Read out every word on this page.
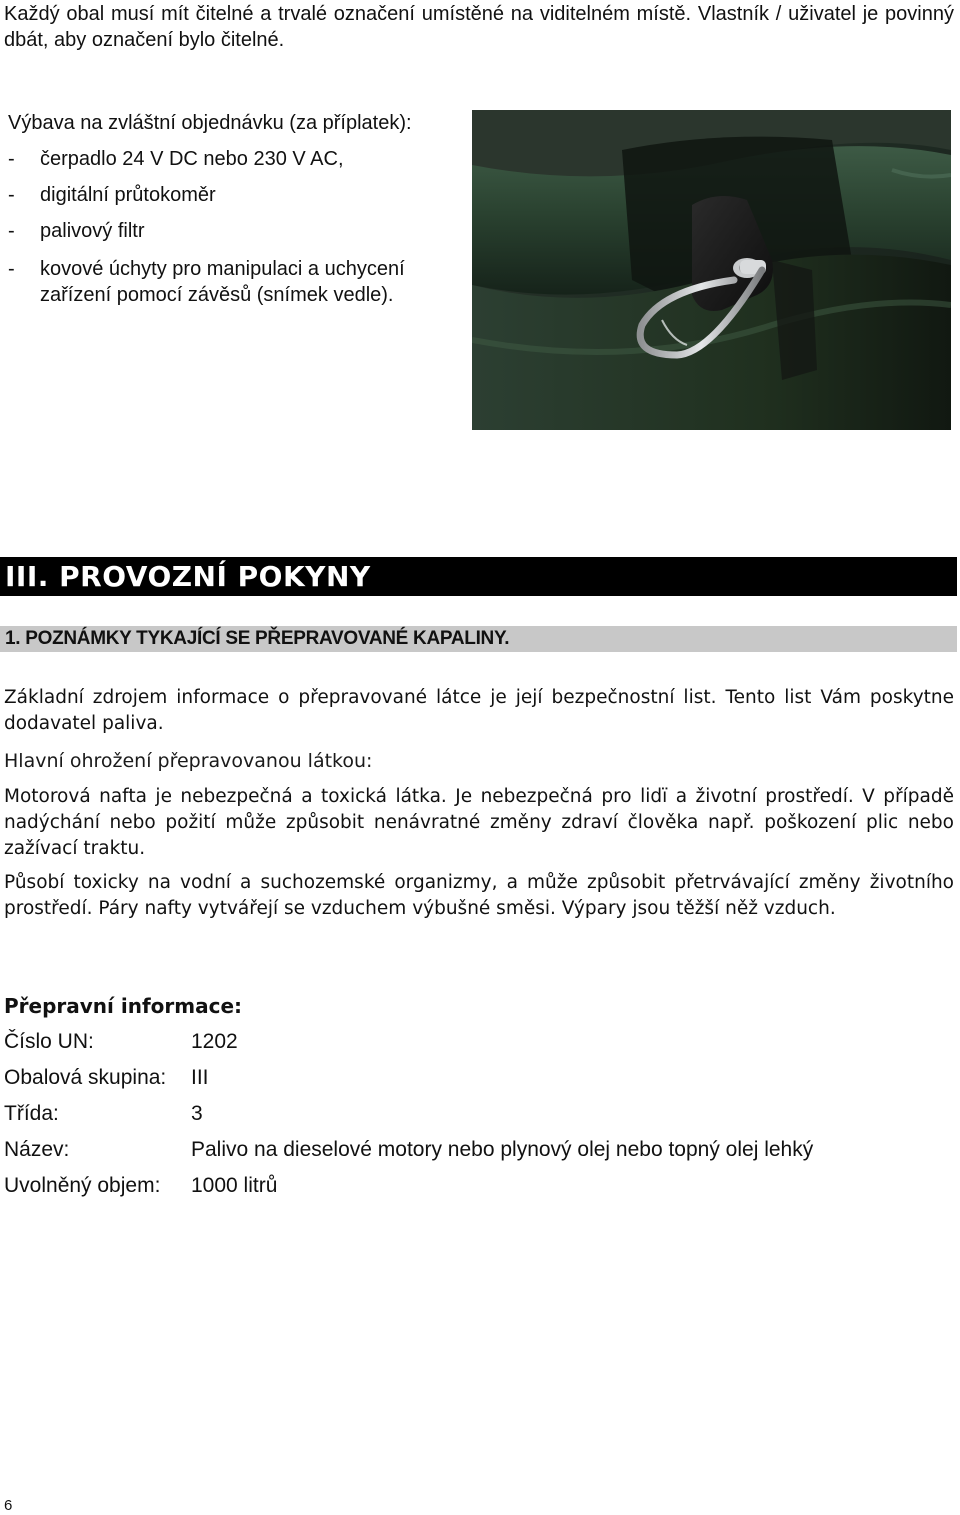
Každý obal musí mít čitelné a trvalé označení umístěné na viditelném místě. Vlastník / uživatel je povinný dbát, aby označení bylo čitelné.
Výbava na zvláštní objednávku (za příplatek):
- čerpadlo 24 V DC nebo 230 V AC,
- digitální průtokoměr
- palivový filtr
- kovové úchyty pro manipulaci a uchycení
zařízení pomocí závěsů (snímek vedle).
III. PROVOZNÍ POKYNY
1. POZNÁMKY TYKAJÍCÍ SE PŘEPRAVOVANÉ KAPALINY.
Základní zdrojem informace o přepravované látce je její bezpečnostní list. Tento list Vám poskytne dodavatel paliva.
Hlavní ohrožení přepravovanou látkou:
Motorová nafta je nebezpečná a toxická látka. Je nebezpečná pro lidï a životní prostředí. V případě nadýchání nebo požití může způsobit nenávratné změny zdraví člověka např. poškození plic nebo zažívací traktu.
Působí toxicky na vodní a suchozemské organizmy, a může způsobit přetrvávající změny životního prostředí. Páry nafty vytvářejí se vzduchem výbušné směsi. Výpary jsou těžší něž vzduch.
Přepravní informace:
Číslo UN:	1202
Obalová skupina: III
Třída:	3
Název:	Palivo na dieselové motory nebo plynový olej nebo topný olej lehký
Uvolněný objem: 1000 litrů
6
